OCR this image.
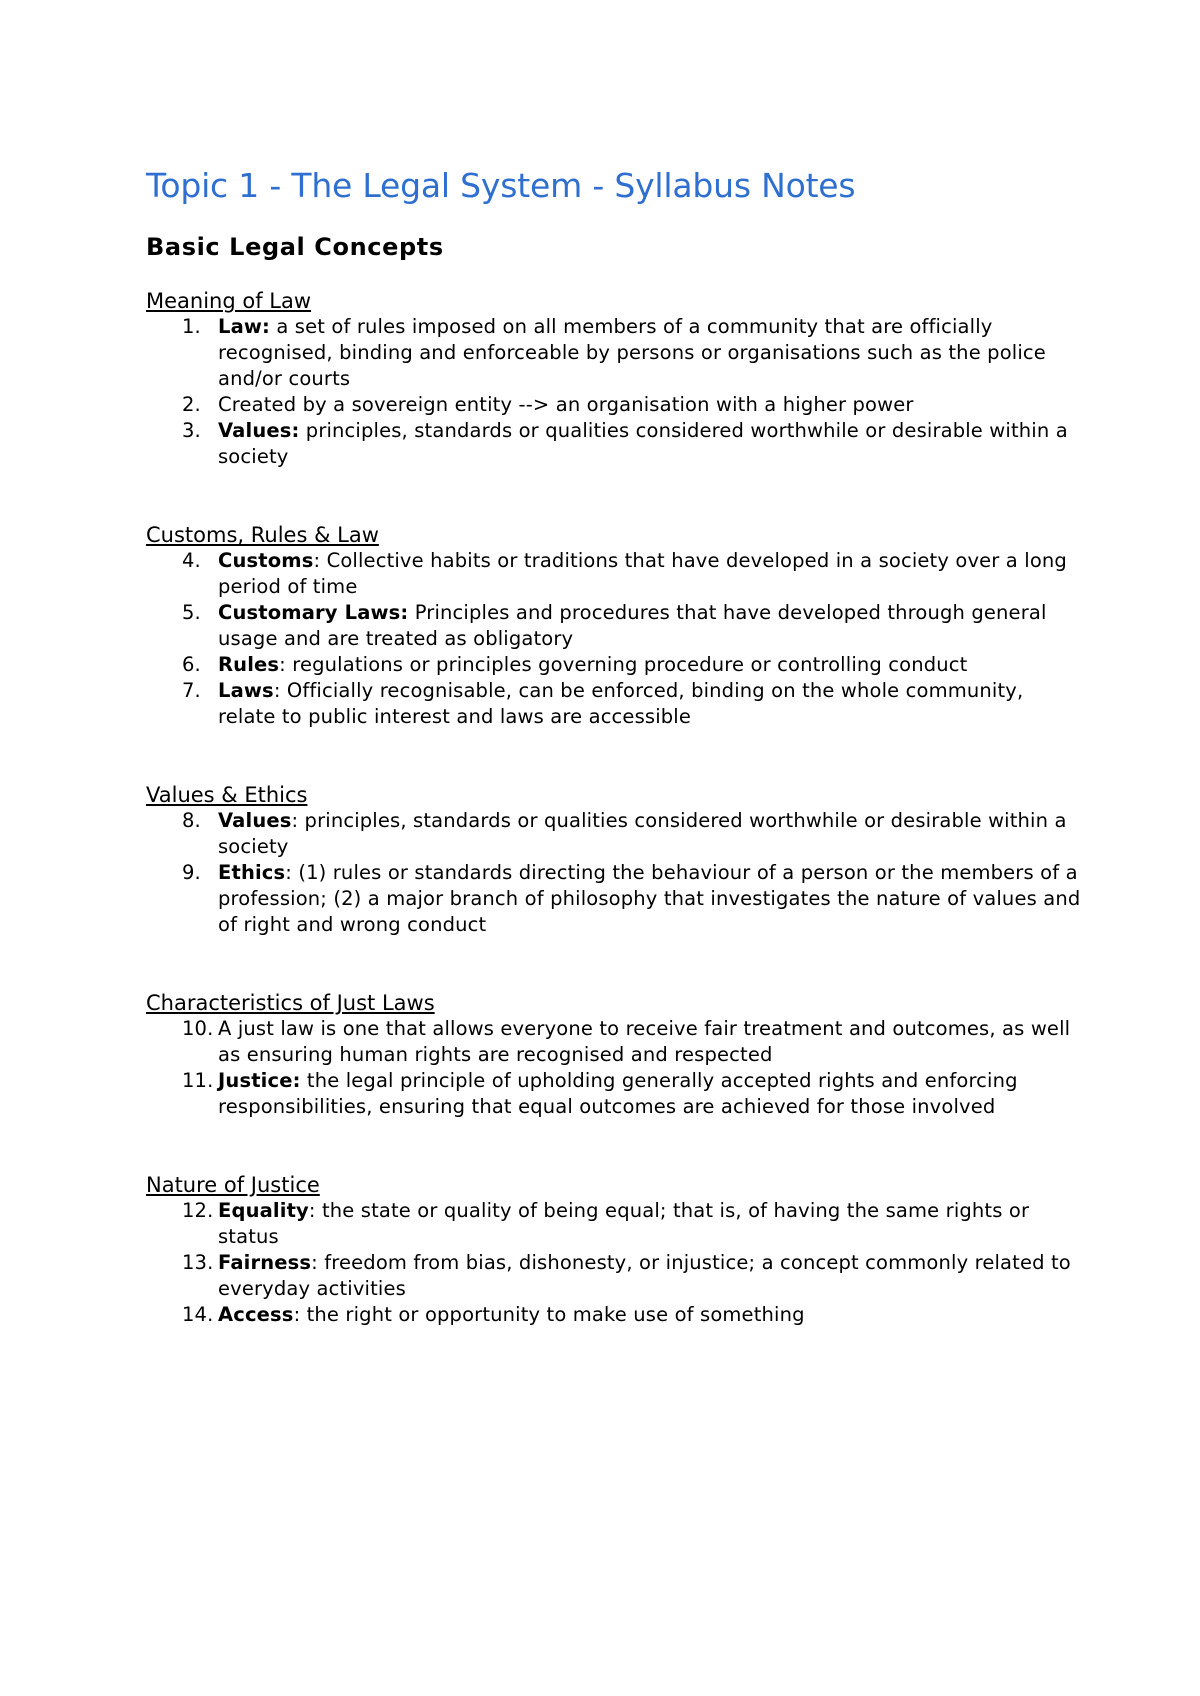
Topic 1 - The Legal System - Syllabus Notes
Basic Legal Concepts
Meaning of Law
1. Law: a set of rules imposed on all members of a community that are officially recognised, binding and enforceable by persons or organisations such as the police and/or courts
2. Created by a sovereign entity --> an organisation with a higher power
3. Values: principles, standards or qualities considered worthwhile or desirable within a society
Customs, Rules & Law
4. Customs: Collective habits or traditions that have developed in a society over a long period of time
5. Customary Laws: Principles and procedures that have developed through general usage and are treated as obligatory
6. Rules: regulations or principles governing procedure or controlling conduct
7. Laws: Officially recognisable, can be enforced, binding on the whole community, relate to public interest and laws are accessible
Values & Ethics
8. Values: principles, standards or qualities considered worthwhile or desirable within a society
9. Ethics: (1) rules or standards directing the behaviour of a person or the members of a profession; (2) a major branch of philosophy that investigates the nature of values and of right and wrong conduct
Characteristics of Just Laws
10. A just law is one that allows everyone to receive fair treatment and outcomes, as well as ensuring human rights are recognised and respected
11. Justice: the legal principle of upholding generally accepted rights and enforcing responsibilities, ensuring that equal outcomes are achieved for those involved
Nature of Justice
12. Equality: the state or quality of being equal; that is, of having the same rights or status
13. Fairness: freedom from bias, dishonesty, or injustice; a concept commonly related to everyday activities
14. Access: the right or opportunity to make use of something
